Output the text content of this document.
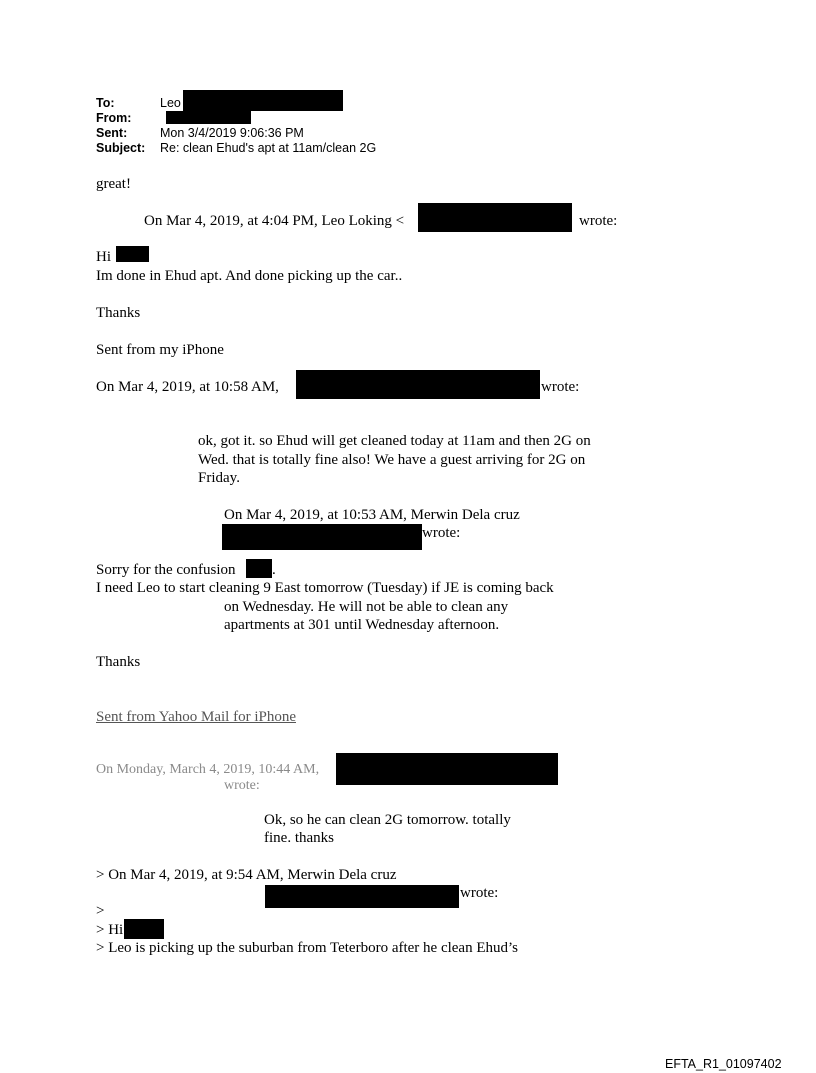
To:	Leo
From:
Sent:	Mon 3/4/2019 9:06:36 PM
Subject: Re: clean Ehud's apt at 11am/clean 2G
great!
On Mar 4, 2019, at 4:04 PM, Leo Loking <	wrote:
Hi
Im done in Ehud apt. And done picking up the car..
Thanks
Sent from my iPhone
On Mar 4, 2019, at 10:58 AM,	wrote:
ok, got it. so Ehud will get cleaned today at 11am and then 2G on
Wed. that is totally fine also! We have a guest arriving for 2G on
Friday.
On Mar 4, 2019, at 10:53 AM, Merwin Dela cruz
wrote:
Sorry for the confusion .
I need Leo to start cleaning 9 East tomorrow (Tuesday) if JE is coming back
on Wednesday. He will not be able to clean any
apartments at 301 until Wednesday afternoon.
Thanks
Sent from Yahoo Mail for iPhone
On Monday, March 4, 2019, 10:44 AM,
wrote:
Ok, so he can clean 2G tomorrow. totally
fine. thanks
> On Mar 4, 2019, at 9:54 AM, Merwin Dela cruz
wrote:
>
> Hi
> Leo is picking up the suburban from Teterboro after he clean Ehud’s
EFTA_R1_01097402
